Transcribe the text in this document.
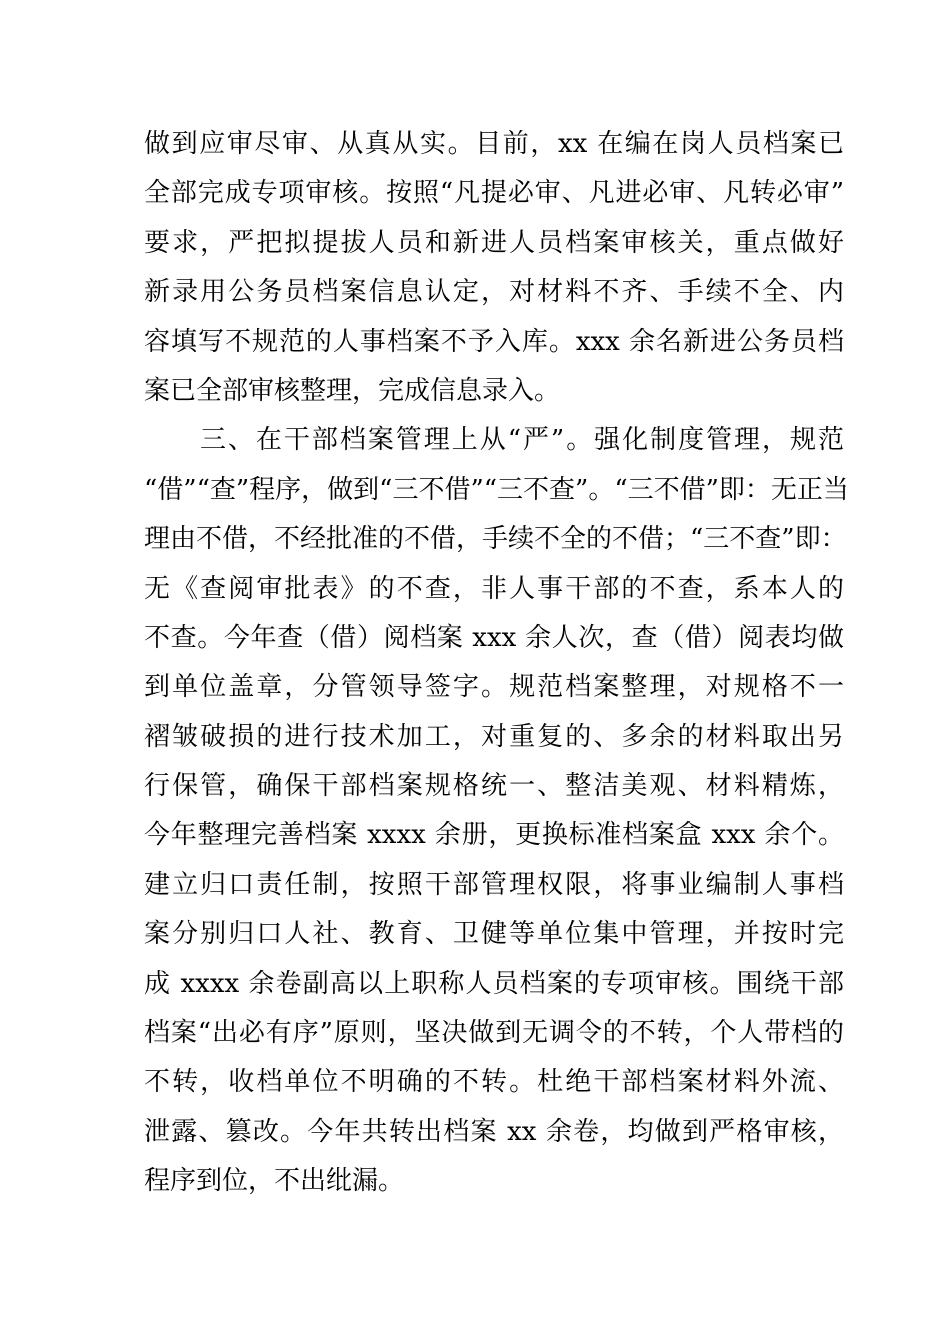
做到应审尽审、从真从实。目前，xx 在编在岗人员档案已
全部完成专项审核。按照“凡提必审、凡进必审、凡转必审”
要求，严把拟提拔人员和新进人员档案审核关，重点做好
新录用公务员档案信息认定，对材料不齐、手续不全、内
容填写不规范的人事档案不予入库。xxx 余名新进公务员档
案已全部审核整理，完成信息录入。
　　三、在干部档案管理上从“严”。强化制度管理，规范
“借”“查”程序，做到“三不借”“三不查”。“三不借”即：无正当
理由不借，不经批准的不借，手续不全的不借；“三不查”即：
无《查阅审批表》的不查，非人事干部的不查，系本人的
不查。今年查（借）阅档案 xxx 余人次，查（借）阅表均做
到单位盖章，分管领导签字。规范档案整理，对规格不一
褶皱破损的进行技术加工，对重复的、多余的材料取出另
行保管，确保干部档案规格统一、整洁美观、材料精炼，
今年整理完善档案 xxxx 余册，更换标准档案盒 xxx 余个。
建立归口责任制，按照干部管理权限，将事业编制人事档
案分别归口人社、教育、卫健等单位集中管理，并按时完
成 xxxx 余卷副高以上职称人员档案的专项审核。围绕干部
档案“出必有序”原则，坚决做到无调令的不转，个人带档的
不转，收档单位不明确的不转。杜绝干部档案材料外流、
泄露、篡改。今年共转出档案 xx 余卷，均做到严格审核，
程序到位，不出纰漏。
